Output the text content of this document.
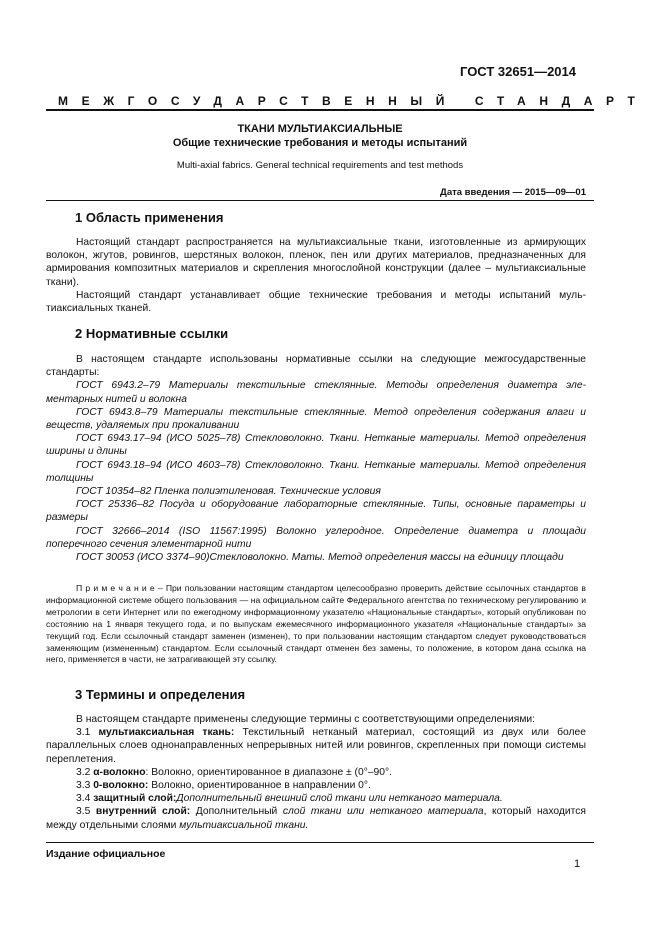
ГОСТ 32651—2014
МЕЖГОСУДАРСТВЕННЫЙ СТАНДАРТ
ТКАНИ МУЛЬТИАКСИАЛЬНЫЕ
Общие технические требования и методы испытаний
Multi-axial fabrics. General technical requirements and test methods
Дата введения — 2015—09—01
1 Область применения

Настоящий стандарт распространяется на мультиаксиальные ткани, изготовленные из армирующих волокон, жгутов, ровингов, шерстяных волокон, пленок, пен или других материалов, предназначенных для армирования композитных материалов и скрепления многослойной конструкции (далее – мультиаксиальные ткани).

Настоящий стандарт устанавливает общие технические требования и методы испытаний мультиаксиальных тканей.

2 Нормативные ссылки

В настоящем стандарте использованы нормативные ссылки на следующие межгосударственные стандарты:

ГОСТ 6943.2–79 Материалы текстильные стеклянные. Методы определения диаметра элементарных нитей и волокна

ГОСТ 6943.8–79 Материалы текстильные стеклянные. Метод определения содержания влаги и веществ, удаляемых при прокаливании

ГОСТ 6943.17–94 (ИСО 5025–78) Стекловолокно. Ткани. Нетканые материалы. Метод определения ширины и длины

ГОСТ 6943.18–94 (ИСО 4603–78) Стекловолокно. Ткани. Нетканые материалы. Метод определения толщины

ГОСТ 10354–82 Пленка полиэтиленовая. Технические условия

ГОСТ 25336–82 Посуда и оборудование лабораторные стеклянные. Типы, основные параметры и размеры

ГОСТ 32666–2014 (ISO 11567:1995) Волокно углеродное. Определение диаметра и площади поперечного сечения элементарной нити

ГОСТ 30053 (ИСО 3374–90)Стекловолокно. Маты. Метод определения массы на единицу площади

П р и м е ч а н и е – При пользовании настоящим стандартом целесообразно проверить действие ссылочных стандартов в информационной системе общего пользования — на официальном сайте Федерального агентства по техническому регулированию и метрологии в сети Интернет или по ежегодному информационному указателю «Национальные стандарты», который опубликован по состоянию на 1 января текущего года, и по выпускам ежемесячного информационного указателя «Национальные стандарты» за текущий год. Если ссылочный стандарт заменен (изменен), то при пользовании настоящим стандартом следует руководствоваться заменяющим (измененным) стандартом. Если ссылочный стандарт отменен без замены, то положение, в котором дана ссылка на него, применяется в части, не затрагивающей эту ссылку.

3 Термины и определения

В настоящем стандарте применены следующие термины с соответствующими определениями:

3.1 мультиаксиальная ткань: Текстильный нетканый материал, состоящий из двух или более параллельных слоев однонаправленных непрерывных нитей или ровингов, скрепленных при помощи системы переплетения.

3.2 α-волокно: Волокно, ориентированное в диапазоне ± (0°–90°.

3.3 0-волокно: Волокно, ориентированное в направлении 0°.

3.4 защитный слой:Дополнительный внешний слой ткани или нетканого материала.

3.5 внутренний слой: Дополнительный слой ткани или нетканого материала, который находится между отдельными слоями мультиаксиальной ткани.

Издание официальное
1
